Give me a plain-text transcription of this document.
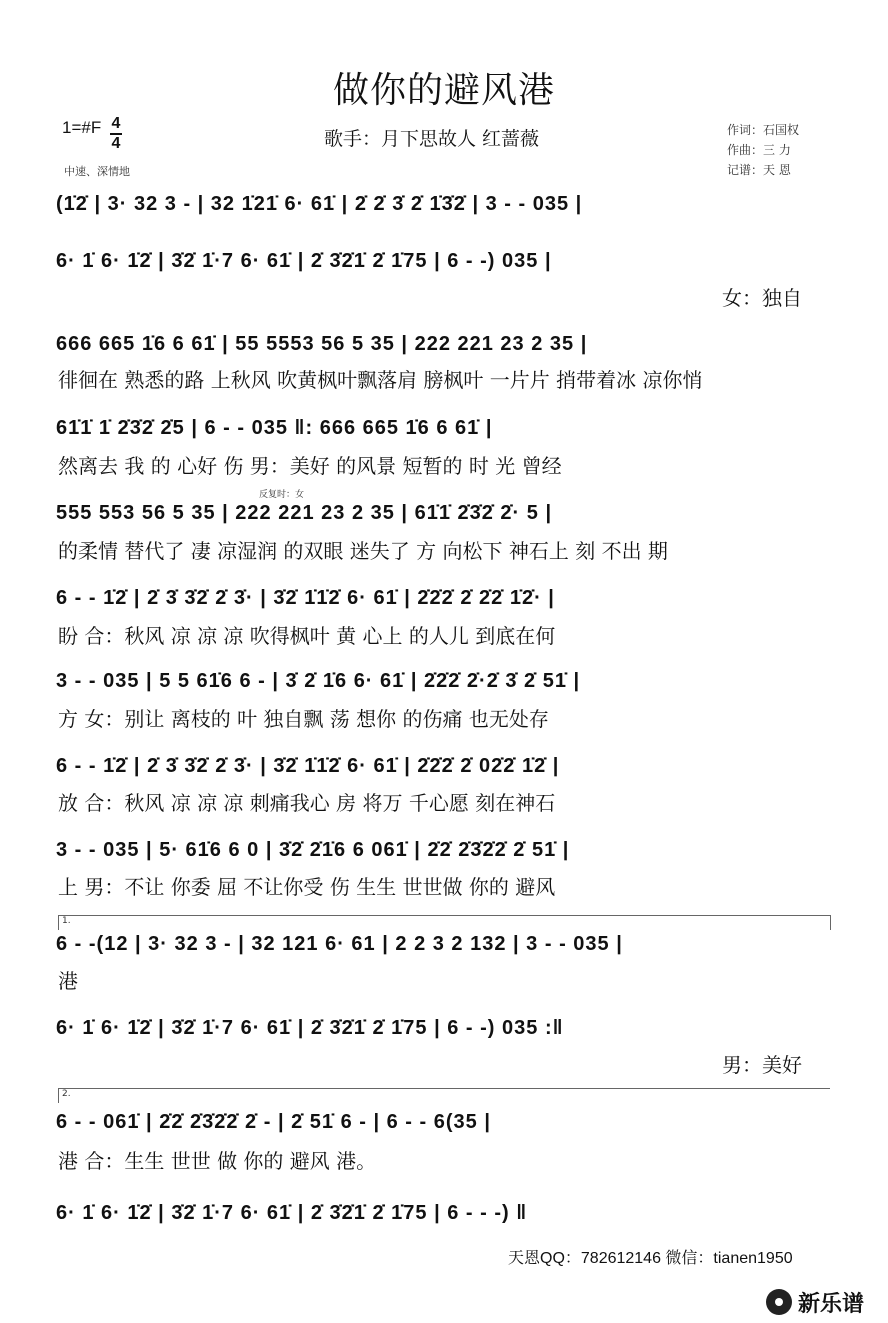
做你的避风港
1=#F 4
4
中速、深情地
歌手：月下思故人 红蔷薇	作词：石国权
作曲：三 力
记谱：天 恩
(1̇2̇ | 3· 32 3 - | 32 1̇21̇ 6· 61̇ | 2̇ 2̇ 3̇ 2̇ 1̇3̇2̇ | 3 - - 035 |
6· 1̇ 6· 1̇2̇ | 3̇2̇ 1̇·7 6· 61̇ | 2̇ 3̇2̇1̇ 2̇ 1̇75 | 6 - -) 035 |
女：独自
666 665 1̇6 6 61̇ | 55 5553 56 5 35 | 222 221 23 2 35 |
徘徊在 熟悉的路 上秋风 吹黄枫叶飘落肩 膀枫叶 一片片 捎带着冰 凉你悄
61̇1̇ 1̇ 2̇3̇2̇ 2̇5 | 6 - - 035 ‖: 666 665 1̇6 6 61̇ |
然离去 我 的 心好 伤 男：美好 的风景 短暂的 时 光 曾经
反复时：女
555 553 56 5 35 | 222 221 23 2 35 | 61̇1̇ 2̇3̇2̇ 2̇· 5 |
的柔情 替代了 凄 凉湿润 的双眼 迷失了 方 向松下 神石上 刻 不出 期
6 - - 1̇2̇ | 2̇ 3̇ 3̇2̇ 2̇ 3̇· | 3̇2̇ 1̇1̇2̇ 6· 61̇ | 2̇2̇2̇ 2̇ 2̇2̇ 1̇2̇· |
盼 合：秋风 凉 凉 凉 吹得枫叶 黄 心上 的人儿 到底在何
3 - - 035 | 5 5 61̇6 6 - | 3̇ 2̇ 1̇6 6· 61̇ | 2̇2̇2̇ 2̇·2̇ 3̇ 2̇ 51̇ |
方 女：别让 离枝的 叶 独自飘 荡 想你 的伤痛 也无处存
6 - - 1̇2̇ | 2̇ 3̇ 3̇2̇ 2̇ 3̇· | 3̇2̇ 1̇1̇2̇ 6· 61̇ | 2̇2̇2̇ 2̇ 02̇2̇ 1̇2̇ |
放 合：秋风 凉 凉 凉 刺痛我心 房 将万 千心愿 刻在神石
3 - - 035 | 5· 61̇6 6 0 | 3̇2̇ 2̇1̇6 6 061̇ | 2̇2̇ 2̇3̇2̇2̇ 2̇ 51̇ |
上 男：不让 你委 屈 不让你受 伤 生生 世世做 你的 避风
1.
6 - -(12 | 3· 32 3 - | 32 121 6· 61 | 2 2 3 2 132 | 3 - - 035 |
港
6· 1̇ 6· 1̇2̇ | 3̇2̇ 1̇·7 6· 61̇ | 2̇ 3̇2̇1̇ 2̇ 1̇75 | 6 - -) 035 :‖
男：美好
2.
6 - - 061̇ | 2̇2̇ 2̇3̇2̇2̇ 2̇ - | 2̇ 51̇ 6 - | 6 - - 6(35 |
港 合：生生 世世 做 你的 避风 港。
6· 1̇ 6· 1̇2̇ | 3̇2̇ 1̇·7 6· 61̇ | 2̇ 3̇2̇1̇ 2̇ 1̇75 | 6 - - -) ‖
天恩QQ：782612146 微信：tianen1950
新乐谱
